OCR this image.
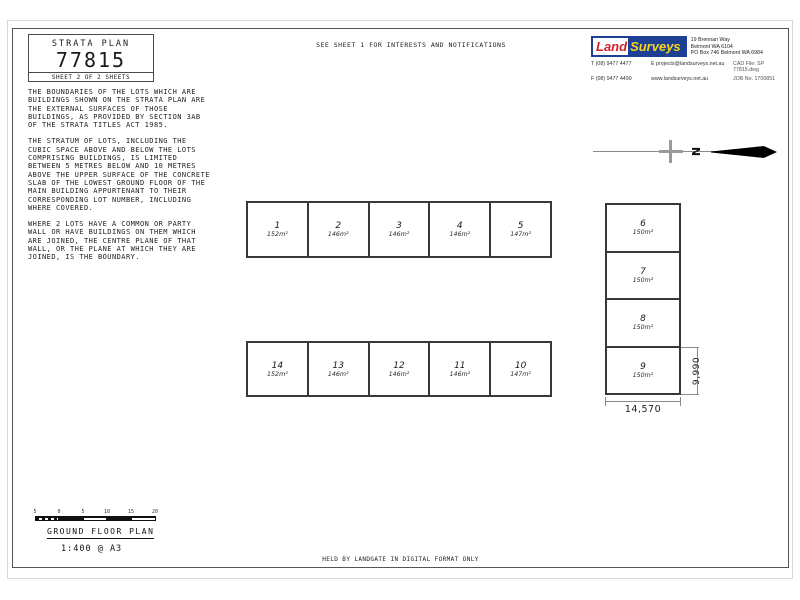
STRATA PLAN
77815
SHEET 2 OF 2 SHEETS
SEE SHEET 1 FOR INTERESTS AND NOTIFICATIONS	Land Surveys	19 Brennan Way
Belmont WA 6104
PO Box 746 Belmont WA 6984
T (08) 9477 4477	E projects@landsurveys.net.au	CAD File: SP 77815.dwg
F (08) 9477 4499	www.landsurveys.net.au	JOB No. 1700851

THE BOUNDARIES OF THE LOTS WHICH ARE BUILDINGS SHOWN ON THE STRATA PLAN ARE THE EXTERNAL SURFACES OF THOSE BUILDINGS, AS PROVIDED BY SECTION 3AB OF THE STRATA TITLES ACT 1985.

THE STRATUM OF LOTS, INCLUDING THE CUBIC SPACE ABOVE AND BELOW THE LOTS COMPRISING BUILDINGS, IS LIMITED BETWEEN 5 METRES BELOW AND 10 METRES ABOVE THE UPPER SURFACE OF THE CONCRETE SLAB OF THE LOWEST GROUND FLOOR OF THE MAIN BUILDING APPURTENANT TO THEIR CORRESPONDING LOT NUMBER, INCLUDING WHERE COVERED.

WHERE 2 LOTS HAVE A COMMON OR PARTY WALL OR HAVE BUILDINGS ON THEM WHICH ARE JOINED, THE CENTRE PLANE OF THAT WALL, OR THE PLANE AT WHICH THEY ARE JOINED, IS THE BOUNDARY.

N
1
152m²
2
146m²
3
146m²
4
146m²
5
147m²
14
152m²
13
146m²
12
146m²
11
146m²
10
147m²
6
150m²
7
150m²
8
150m²
9
150m²	9,990
14,570
5	0	5	10	15	20
GROUND FLOOR PLAN
1:400 @ A3
HELD BY LANDGATE IN DIGITAL FORMAT ONLY
